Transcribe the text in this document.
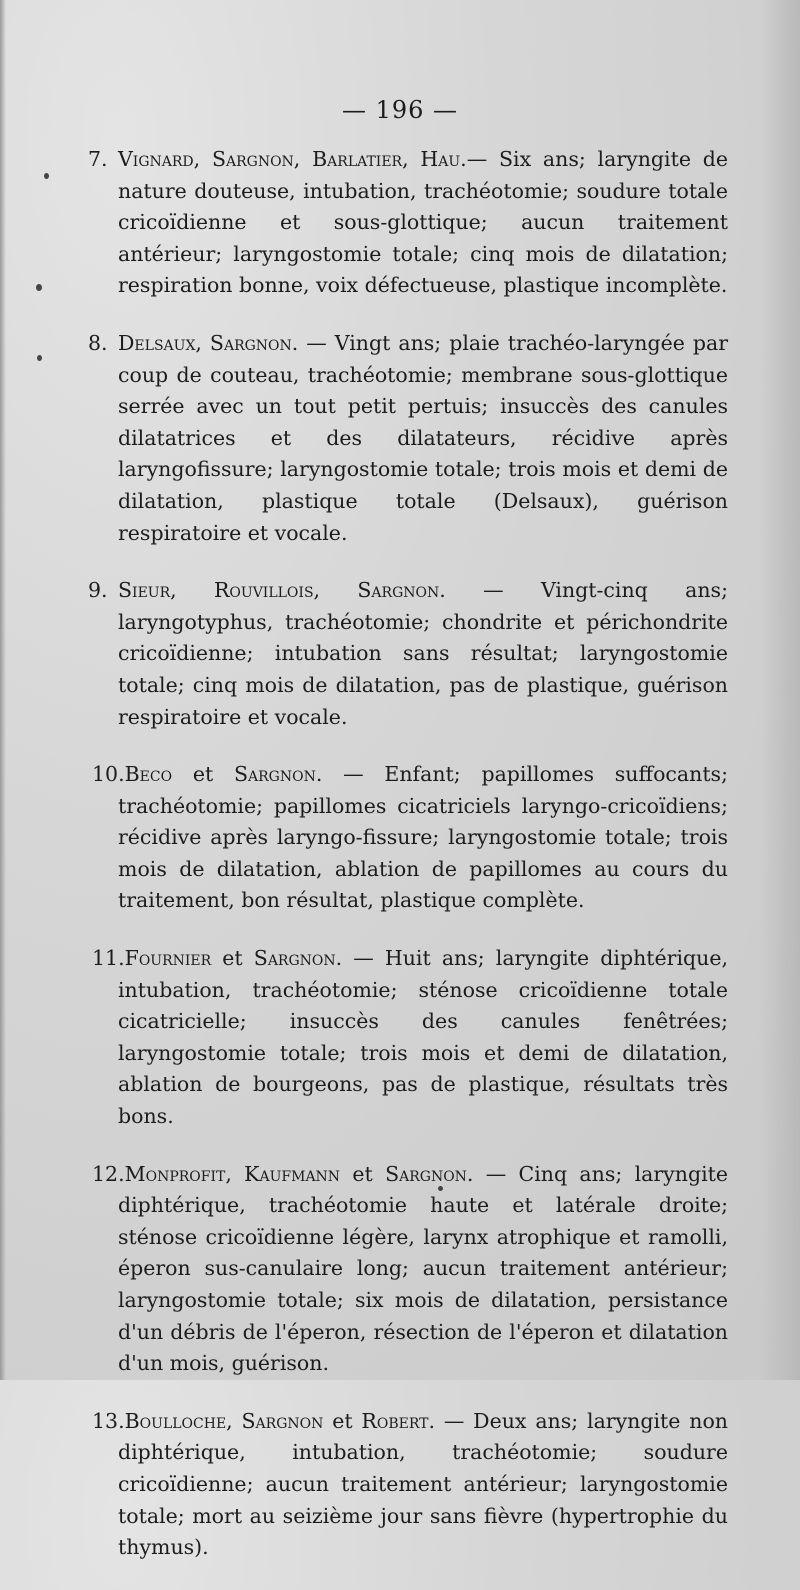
— 196 —

7. Vignard, Sargnon, Barlatier, Hau.— Six ans; laryngite de nature douteuse, intubation, trachéotomie; soudure totale cricoïdienne et sous-glottique; aucun traitement antérieur; laryngostomie totale; cinq mois de dilatation; respiration bonne, voix défectueuse, plastique incomplète.

8. Delsaux, Sargnon. — Vingt ans; plaie trachéo-laryngée par coup de couteau, trachéotomie; membrane sous-glottique serrée avec un tout petit pertuis; insuccès des canules dilatatrices et des dilatateurs, récidive après laryngofissure; laryngostomie totale; trois mois et demi de dilatation, plastique totale (Delsaux), guérison respiratoire et vocale.

9. Sieur, Rouvillois, Sargnon. — Vingt-cinq ans; laryngotyphus, trachéotomie; chondrite et périchondrite cricoïdienne; intubation sans résultat; laryngostomie totale; cinq mois de dilatation, pas de plastique, guérison respiratoire et vocale.

10.Beco et Sargnon. — Enfant; papillomes suffocants; trachéotomie; papillomes cicatriciels laryngo-cricoïdiens; récidive après laryngo-fissure; laryngostomie totale; trois mois de dilatation, ablation de papillomes au cours du traitement, bon résultat, plastique complète.

11.Fournier et Sargnon. — Huit ans; laryngite diphtérique, intubation, trachéotomie; sténose cricoïdienne totale cicatricielle; insuccès des canules fenêtrées; laryngostomie totale; trois mois et demi de dilatation, ablation de bourgeons, pas de plastique, résultats très bons.

12.Monprofit, Kaufmann et Sargnon. — Cinq ans; laryngite diphtérique, trachéotomie haute et latérale droite; sténose cricoïdienne légère, larynx atrophique et ramolli, éperon sus-canulaire long; aucun traitement antérieur; laryngostomie totale; six mois de dilatation, persistance d'un débris de l'éperon, résection de l'éperon et dilatation d'un mois, guérison.

13.Boulloche, Sargnon et Robert. — Deux ans; laryngite non diphtérique, intubation, trachéotomie; soudure cricoïdienne; aucun traitement antérieur; laryngostomie totale; mort au seizième jour sans fièvre (hypertrophie du thymus).
